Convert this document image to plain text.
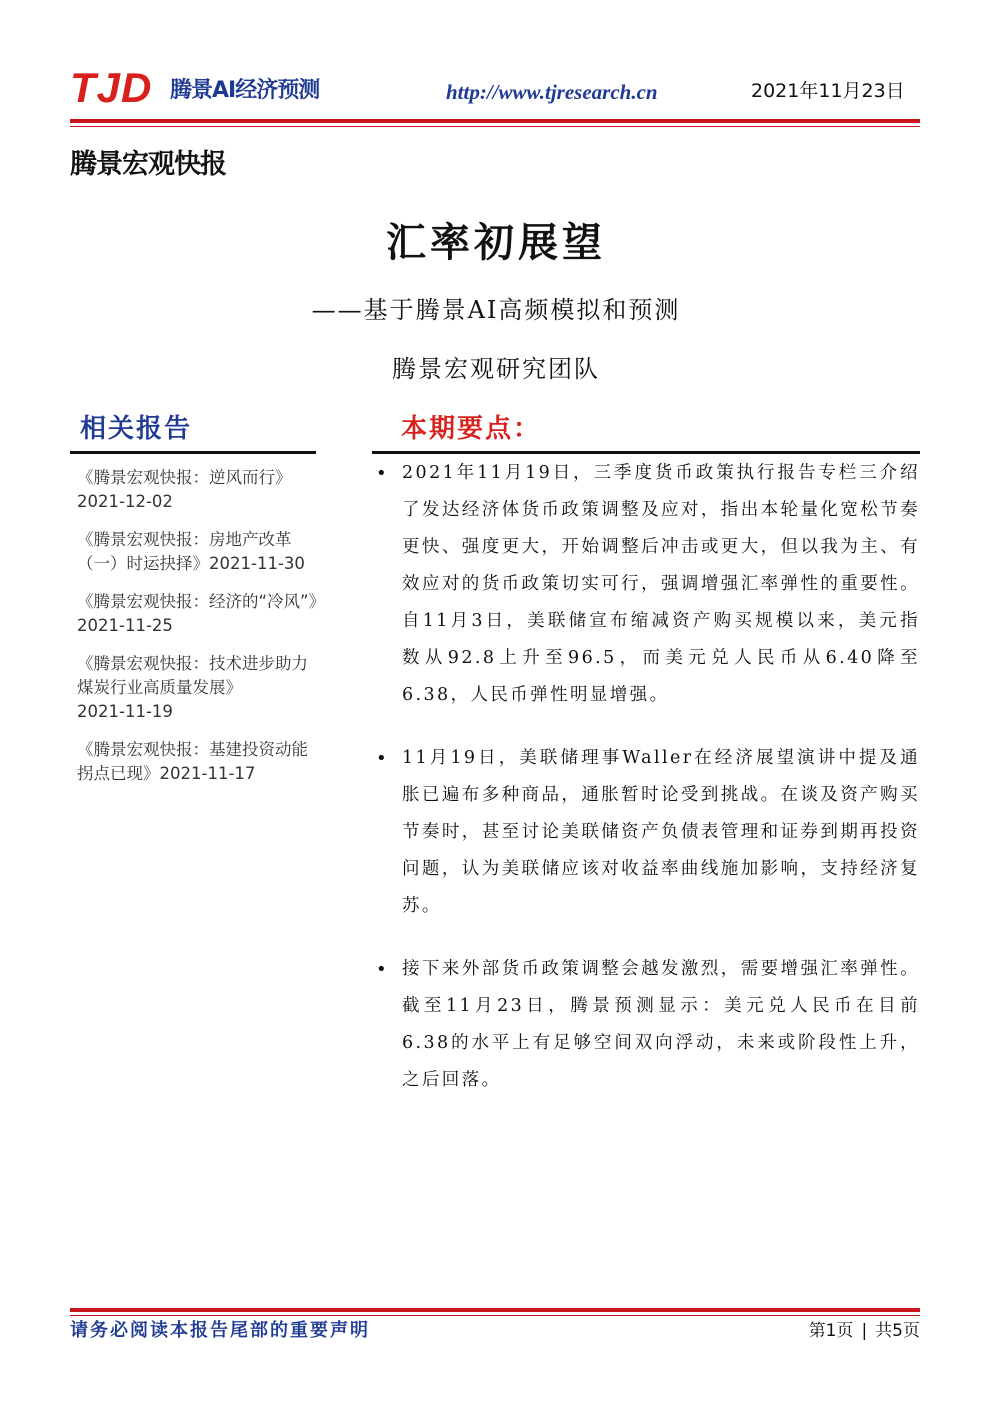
TJD 腾景AI经济预测	http://www.tjresearch.cn	2021年11月23日
腾景宏观快报
汇率初展望
——基于腾景AI高频模拟和预测
腾景宏观研究团队
相关报告
《腾景宏观快报：逆风而行》
2021-12-02
《腾景宏观快报：房地产改革（一）时运抉择》2021-11-30
《腾景宏观快报：经济的“冷风”》2021-11-25
《腾景宏观快报：技术进步助力煤炭行业高质量发展》
2021-11-19
《腾景宏观快报：基建投资动能拐点已现》2021-11-17
本期要点：
• 2021年11月19日，三季度货币政策执行报告专栏三介绍了发达经济体货币政策调整及应对，指出本轮量化宽松节奏更快、强度更大，开始调整后冲击或更大，但以我为主、有效应对的货币政策切实可行，强调增强汇率弹性的重要性。自11月3日，美联储宣布缩减资产购买规模以来，美元指数从92.8上升至96.5，而美元兑人民币从6.40降至6.38，人民币弹性明显增强。
• 11月19日，美联储理事Waller在经济展望演讲中提及通胀已遍布多种商品，通胀暂时论受到挑战。在谈及资产购买节奏时，甚至讨论美联储资产负债表管理和证券到期再投资问题，认为美联储应该对收益率曲线施加影响，支持经济复苏。
• 接下来外部货币政策调整会越发激烈，需要增强汇率弹性。截至11月23日，腾景预测显示：美元兑人民币在目前6.38的水平上有足够空间双向浮动，未来或阶段性上升，之后回落。
请务必阅读本报告尾部的重要声明	第1页 | 共5页
